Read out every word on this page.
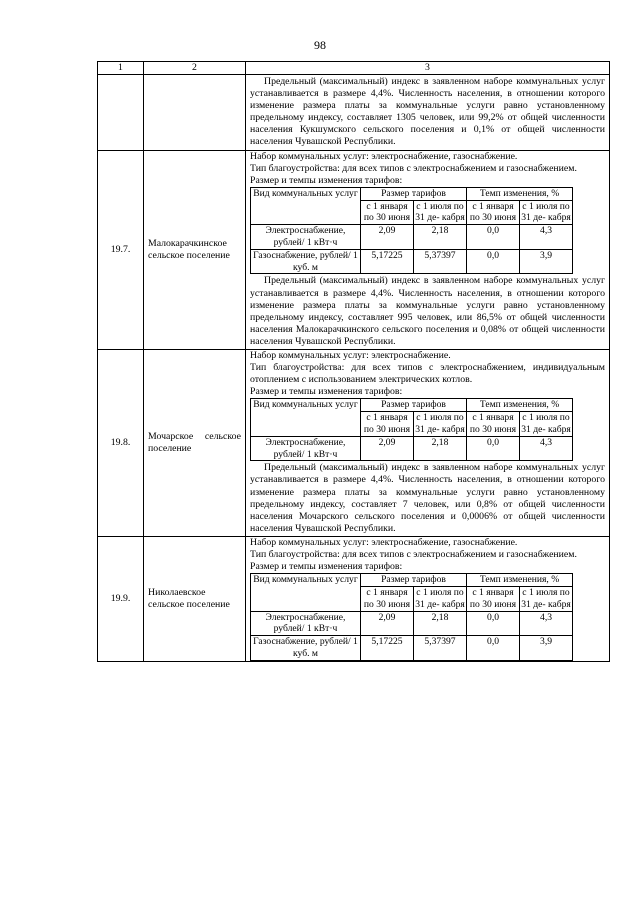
98
1	2	3

Предельный (максимальный) индекс в заявленном наборе коммунальных услуг устанавливается в размере 4,4%. Численность населения, в отношении которого изменение размера платы за коммунальные услуги равно установленному предельному индексу, составляет 1305 человек, или 99,2% от общей численности населения Кукшумского сельского поселения и 0,1% от общей численности населения Чувашской Республики.

19.7.	Малокарачкинское сельское поселение	

Набор коммунальных услуг: электроснабжение, газоснабжение.

Тип благоустройства: для всех типов с электроснабжением и газоснабжением.

Размер и темпы изменения тарифов:

Вид коммунальных услуг	Размер тарифов	Темп изменения, %
с 1 января по 30 июня	с 1 июля по 31 де- кабря	с 1 января по 30 июня	с 1 июля по 31 де- кабря
Электроснабжение, рублей/ 1 кВт·ч	2,09	2,18	0,0	4,3
Газоснабжение, рублей/ 1 куб. м	5,17225	5,37397	0,0	3,9

Предельный (максимальный) индекс в заявленном наборе коммунальных услуг устанавливается в размере 4,4%. Численность населения, в отношении которого изменение размера платы за коммунальные услуги равно установленному предельному индексу, составляет 995 человек, или 86,5% от общей численности населения Малокарачкинского сельского поселения и 0,08% от общей численности населения Чувашской Республики.

19.8.	Мочарское сельское поселение	

Набор коммунальных услуг: электроснабжение.

Тип благоустройства: для всех типов с электроснабжением, индивидуальным отоплением с использованием электрических котлов.

Размер и темпы изменения тарифов:

Вид коммунальных услуг	Размер тарифов	Темп изменения, %
с 1 января по 30 июня	с 1 июля по 31 де- кабря	с 1 января по 30 июня	с 1 июля по 31 де- кабря
Электроснабжение, рублей/ 1 кВт·ч	2,09	2,18	0,0	4,3

Предельный (максимальный) индекс в заявленном наборе коммунальных услуг устанавливается в размере 4,4%. Численность населения, в отношении которого изменение размера платы за коммунальные услуги равно установленному предельному индексу, составляет 7 человек, или 0,8% от общей численности населения Мочарского сельского поселения и 0,0006% от общей численности населения Чувашской Республики.

19.9.	Николаевское сельское поселение	

Набор коммунальных услуг: электроснабжение, газоснабжение.

Тип благоустройства: для всех типов с электроснабжением и газоснабжением.

Размер и темпы изменения тарифов:

Вид коммунальных услуг	Размер тарифов	Темп изменения, %
с 1 января по 30 июня	с 1 июля по 31 де- кабря	с 1 января по 30 июня	с 1 июля по 31 де- кабря
Электроснабжение, рублей/ 1 кВт·ч	2,09	2,18	0,0	4,3
Газоснабжение, рублей/ 1 куб. м	5,17225	5,37397	0,0	3,9
